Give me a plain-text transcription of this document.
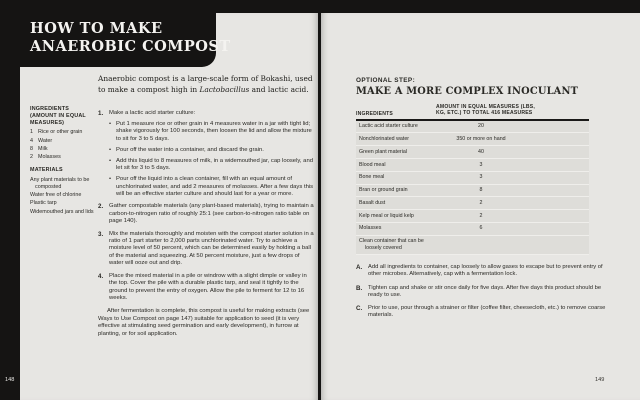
Anaerobic compost is a large-scale form of Bokashi, used to make a compost high in Lactobacillus and lactic acid.
INGREDIENTS (AMOUNT IN EQUAL MEASURES)
1 Rice or other grain
4 Water
8 Milk
2 Molasses
MATERIALS
Any plant materials to be composted
Water free of chlorine
Plastic tarp
Widemouthed jars and lids
1. Make a lactic acid starter culture:
• Put 1 measure rice or other grain in 4 measures water in a jar with tight lid; shake vigorously for 100 seconds, then loosen the lid and allow the mixture to sit for 3 to 5 days.
• Pour off the water into a container, and discard the grain.
• Add this liquid to 8 measures of milk, in a widemouthed jar, cap loosely, and let sit for 3 to 5 days.
• Pour off the liquid into a clean container, fill with an equal amount of unchlorinated water, and add 2 measures of molasses. After a few days this will be an effective starter culture and should last for a year or more.
2. Gather compostable materials (any plant-based materials), trying to maintain a carbon-to-nitrogen ratio of roughly 25:1 (see carbon-to-nitrogen ratio table on page 140).
3. Mix the materials thoroughly and moisten with the compost starter solution in a ratio of 1 part starter to 2,000 parts unchlorinated water. Try to achieve a moisture level of 50 percent, which can be determined easily by holding a ball of the material and squeezing. At 50 percent moisture, just a few drops of water will ooze out and drip.
4. Place the mixed material in a pile or windrow with a slight dimple or valley in the top. Cover the pile with a durable plastic tarp, and seal it tightly to the ground to prevent the entry of oxygen. Allow the pile to ferment for 12 to 16 weeks.
After fermentation is complete, this compost is useful for making extracts (see Ways to Use Compost on page 147) suitable for application to seed (it is very effective at stimulating seed germination and early development), in furrow at planting, or for soil application.
OPTIONAL STEP:
MAKE A MORE COMPLEX INOCULANT
INGREDIENTS
AMOUNT IN EQUAL MEASURES (LBS, KG, ETC.) TO TOTAL 416 MEASURES
Lactic acid starter culture	20
Nonchlorinated water	350 or more on hand
Green plant material	40
Blood meal	3
Bone meal	3
Bran or ground grain	8
Basalt dust	2
Kelp meal or liquid kelp	2
Molasses	6
Clean container that can be loosely covered
A.	Add all ingredients to container, cap loosely to allow gases to escape but to prevent entry of other microbes. Alternatively, cap with a fermentation lock.
B.	Tighten cap and shake or stir once daily for five days. After five days this product should be ready to use.
C.	Prior to use, pour through a strainer or filter (coffee filter, cheesecloth, etc.) to remove coarse materials.
HOW TO MAKE
ANAEROBIC COMPOST
148	149
